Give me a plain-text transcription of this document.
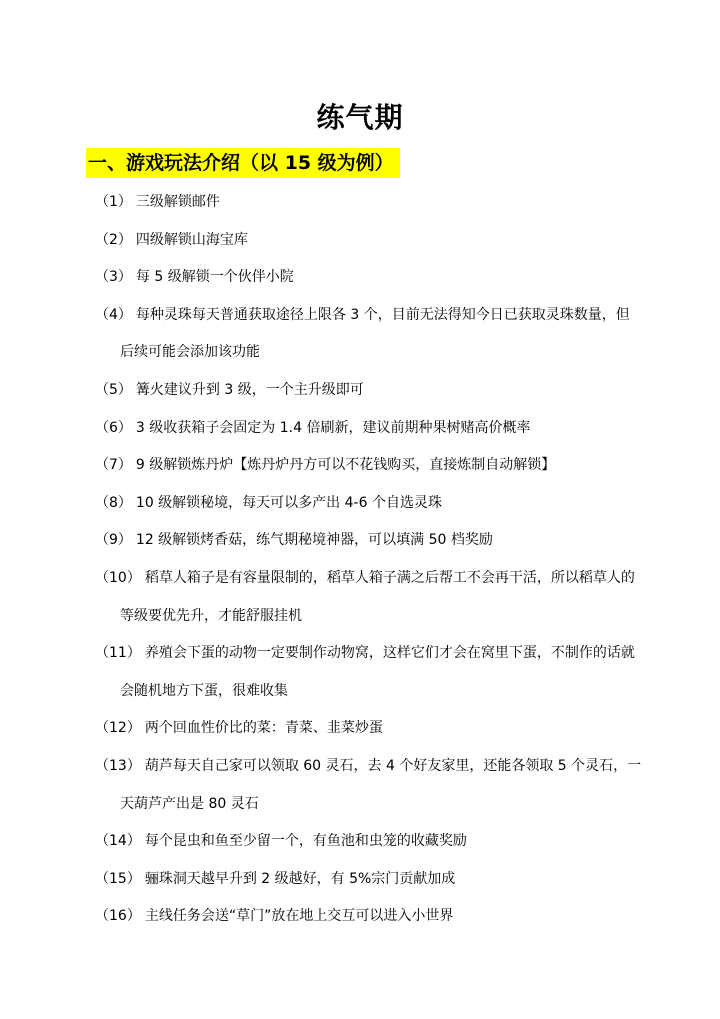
练气期
一、游戏玩法介绍（以 15 级为例）
（1） 三级解锁邮件
（2） 四级解锁山海宝库
（3） 每 5 级解锁一个伙伴小院
（4） 每种灵珠每天普通获取途径上限各 3 个，目前无法得知今日已获取灵珠数量，但
后续可能会添加该功能
（5） 篝火建议升到 3 级，一个主升级即可
（6） 3 级收获箱子会固定为 1.4 倍刷新，建议前期种果树赌高价概率
（7） 9 级解锁炼丹炉【炼丹炉丹方可以不花钱购买，直接炼制自动解锁】
（8） 10 级解锁秘境，每天可以多产出 4-6 个自选灵珠
（9） 12 级解锁烤香菇，练气期秘境神器，可以填满 50 档奖励
（10） 稻草人箱子是有容量限制的，稻草人箱子满之后帮工不会再干活，所以稻草人的
等级要优先升，才能舒服挂机
（11） 养殖会下蛋的动物一定要制作动物窝，这样它们才会在窝里下蛋，不制作的话就
会随机地方下蛋，很难收集
（12） 两个回血性价比的菜：青菜、韭菜炒蛋
（13） 葫芦每天自己家可以领取 60 灵石，去 4 个好友家里，还能各领取 5 个灵石，一
天葫芦产出是 80 灵石
（14） 每个昆虫和鱼至少留一个，有鱼池和虫笼的收藏奖励
（15） 骊珠洞天越早升到 2 级越好，有 5%宗门贡献加成
（16） 主线任务会送“草门”放在地上交互可以进入小世界
